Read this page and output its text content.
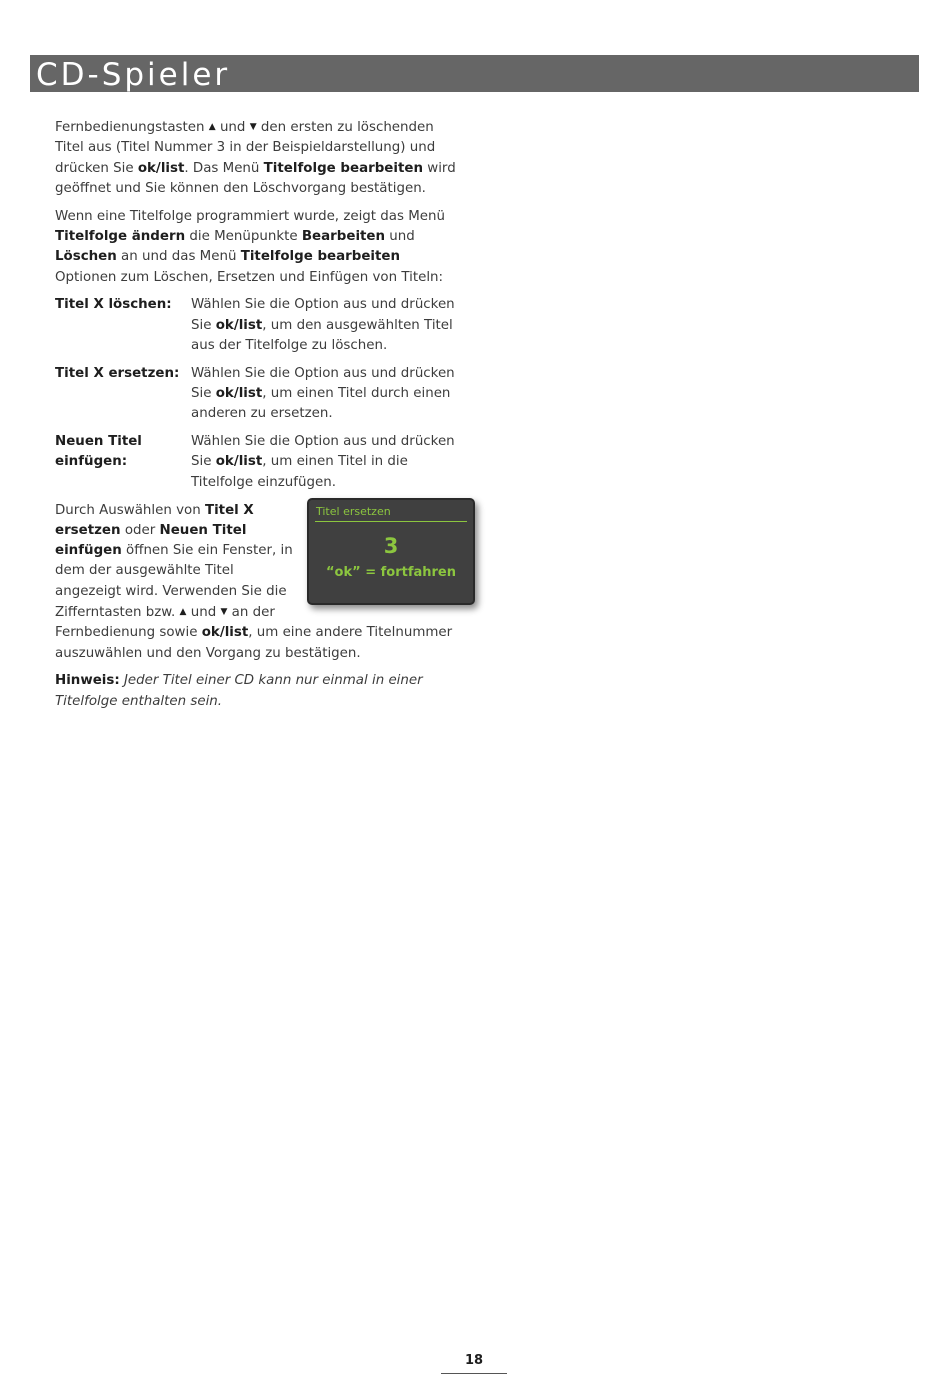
CD-Spieler

Fernbedienungstasten ▲ und ▼ den ersten zu löschenden Titel aus (Titel Nummer 3 in der Beispieldarstellung) und drücken Sie ok/list. Das Menü Titelfolge bearbeiten wird geöffnet und Sie können den Löschvorgang bestätigen.

Wenn eine Titelfolge programmiert wurde, zeigt das Menü Titelfolge ändern die Menüpunkte Bearbeiten und Löschen an und das Menü Titelfolge bearbeiten Optionen zum Löschen, Ersetzen und Einfügen von Titeln:

Titel X löschen:	Wählen Sie die Option aus und drücken Sie ok/list, um den ausgewählten Titel aus der Titelfolge zu löschen.
Titel X ersetzen: Wählen Sie die Option aus und drücken Sie ok/list, um einen Titel durch einen anderen zu ersetzen.
Neuen Titel einfügen:
Wählen Sie die Option aus und drücken Sie ok/list, um einen Titel in die Titelfolge einzufügen.

Titel ersetzen
3
“ok” = fortfahren
Durch Auswählen von Titel X ersetzen oder Neuen Titel einfügen öffnen Sie ein Fenster, in dem der ausgewählte Titel angezeigt wird. Verwenden Sie die Zifferntasten bzw. ▲ und ▼ an der Fernbedienung sowie ok/list, um eine andere Titelnummer auszuwählen und den Vorgang zu bestätigen.

Hinweis: Jeder Titel einer CD kann nur einmal in einer Titelfolge enthalten sein.

18
